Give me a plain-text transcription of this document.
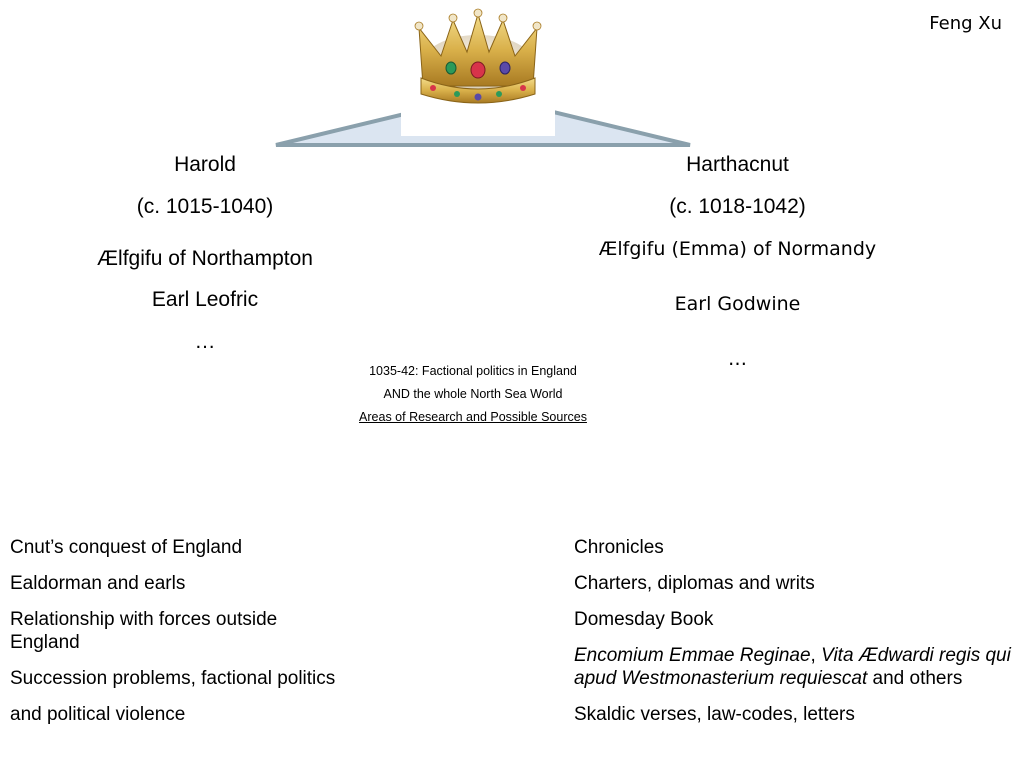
Feng Xu
Harold
(c. 1015-1040)
Ælfgifu of Northampton
Earl Leofric
…
Harthacnut
(c. 1018-1042)
Ælfgifu (Emma) of Normandy
Earl Godwine
…
1035-42: Factional politics in England
AND the whole North Sea World
Areas of Research and Possible Sources
Cnut’s conquest of England
Ealdorman and earls
Relationship with forces outside England
Succession problems, factional politics
and political violence
Chronicles
Charters, diplomas and writs
Domesday Book
Encomium Emmae Reginae, Vita Ædwardi regis qui apud Westmonasterium requiescat and others
Skaldic verses, law-codes, letters
